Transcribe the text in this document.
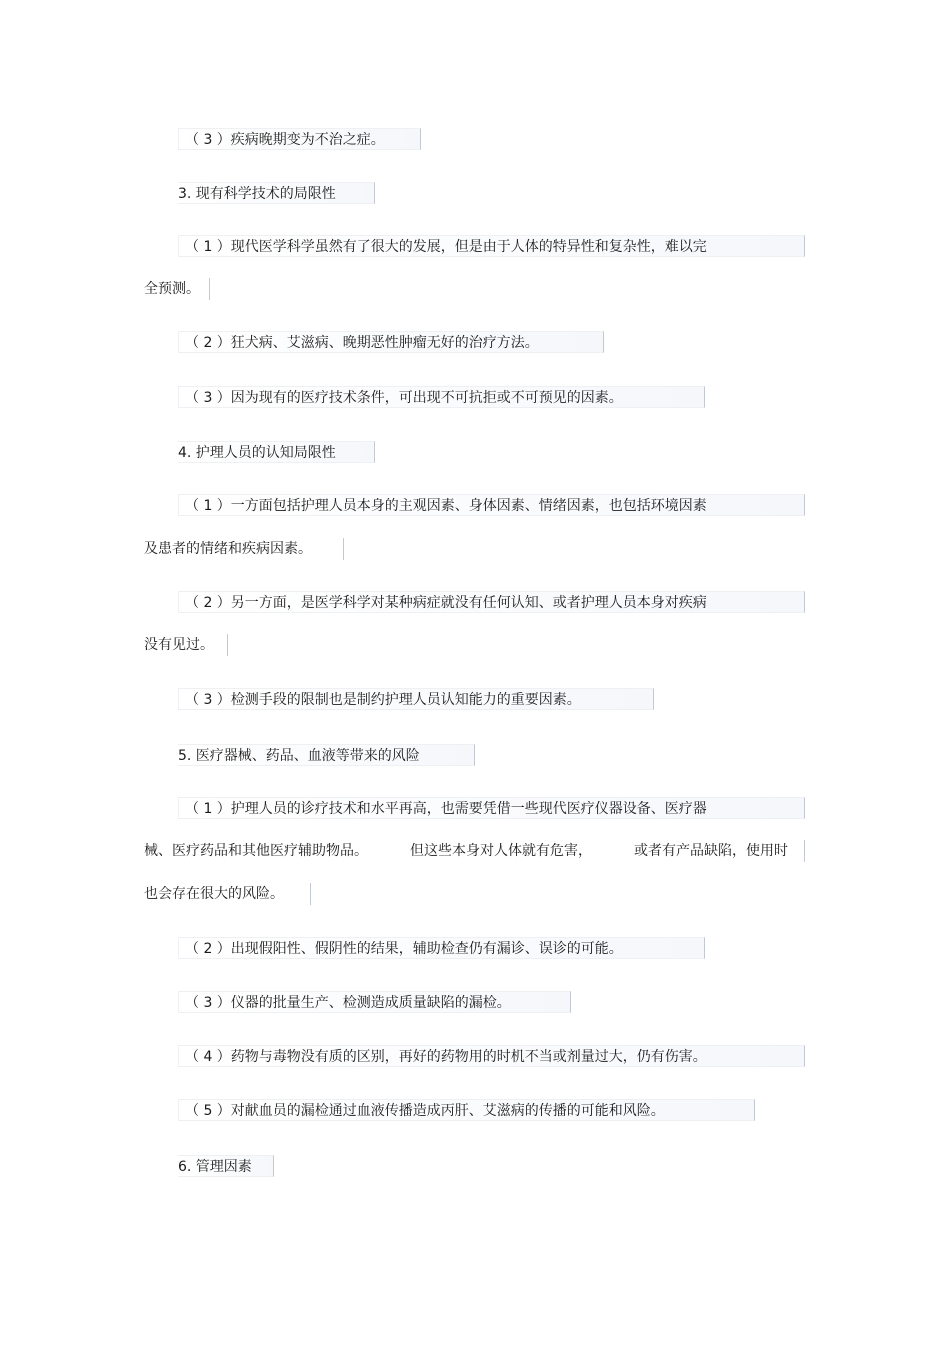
（ 3 ）疾病晚期变为不治之症。
3. 现有科学技术的局限性
（ 1 ）现代医学科学虽然有了很大的发展，但是由于人体的特异性和复杂性，难以完
全预测。
（ 2 ）狂犬病、艾滋病、晚期恶性肿瘤无好的治疗方法。
（ 3 ）因为现有的医疗技术条件，可出现不可抗拒或不可预见的因素。
4. 护理人员的认知局限性
（ 1 ）一方面包括护理人员本身的主观因素、身体因素、情绪因素，也包括环境因素
及患者的情绪和疾病因素。
（ 2 ）另一方面，是医学科学对某种病症就没有任何认知、或者护理人员本身对疾病
没有见过。
（ 3 ）检测手段的限制也是制约护理人员认知能力的重要因素。
5. 医疗器械、药品、血液等带来的风险
（ 1 ）护理人员的诊疗技术和水平再高，也需要凭借一些现代医疗仪器设备、医疗器
械、医疗药品和其他医疗辅助物品。	但这些本身对人体就有危害，	或者有产品缺陷，使用时
也会存在很大的风险。
（ 2 ）出现假阳性、假阴性的结果，辅助检查仍有漏诊、误诊的可能。
（ 3 ）仪器的批量生产、检测造成质量缺陷的漏检。
（ 4 ）药物与毒物没有质的区别，再好的药物用的时机不当或剂量过大，仍有伤害。
（ 5 ）对献血员的漏检通过血液传播造成丙肝、艾滋病的传播的可能和风险。
6. 管理因素
